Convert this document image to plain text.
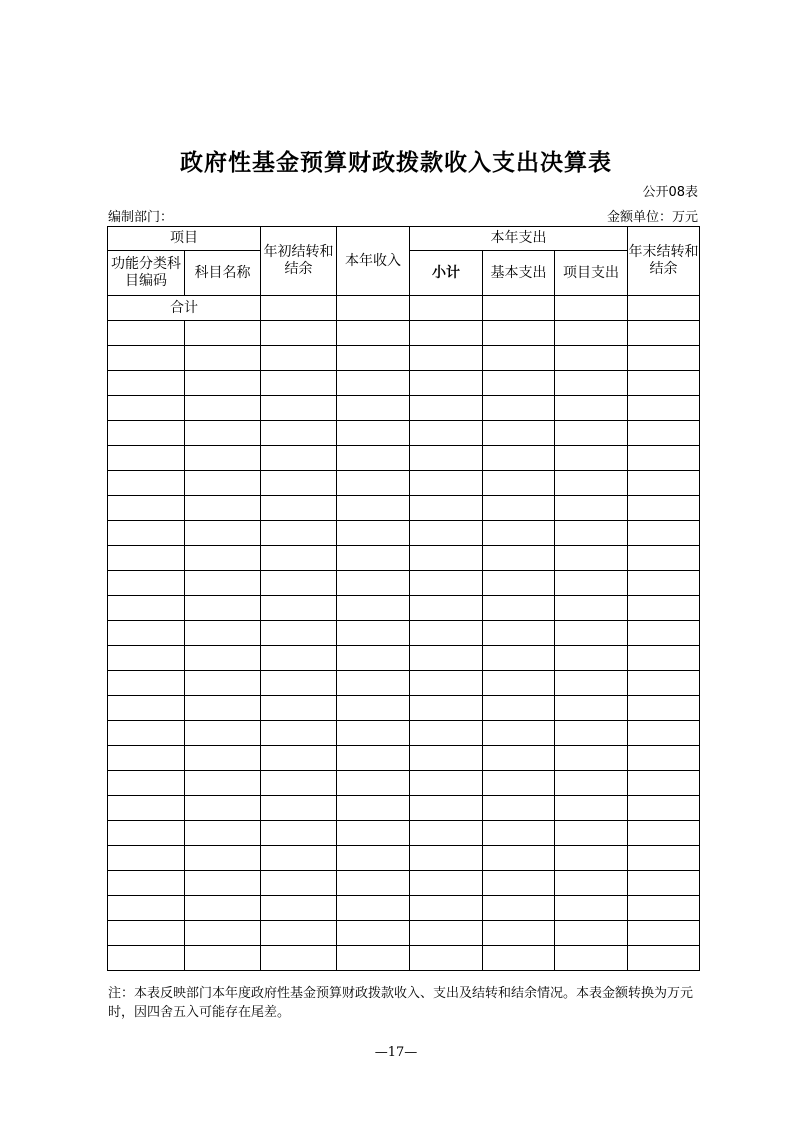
政府性基金预算财政拨款收入支出决算表
公开08表
编制部门：	金额单位：万元
项目		年初结转和结余	本年收入	本年支出			年末结转和结余
功能分类科目编码	科目名称			小计	基本支出	项目支出	
合计							

注：本表反映部门本年度政府性基金预算财政拨款收入、支出及结转和结余情况。本表金额转换为万元时，因四舍五入可能存在尾差。
—17—
